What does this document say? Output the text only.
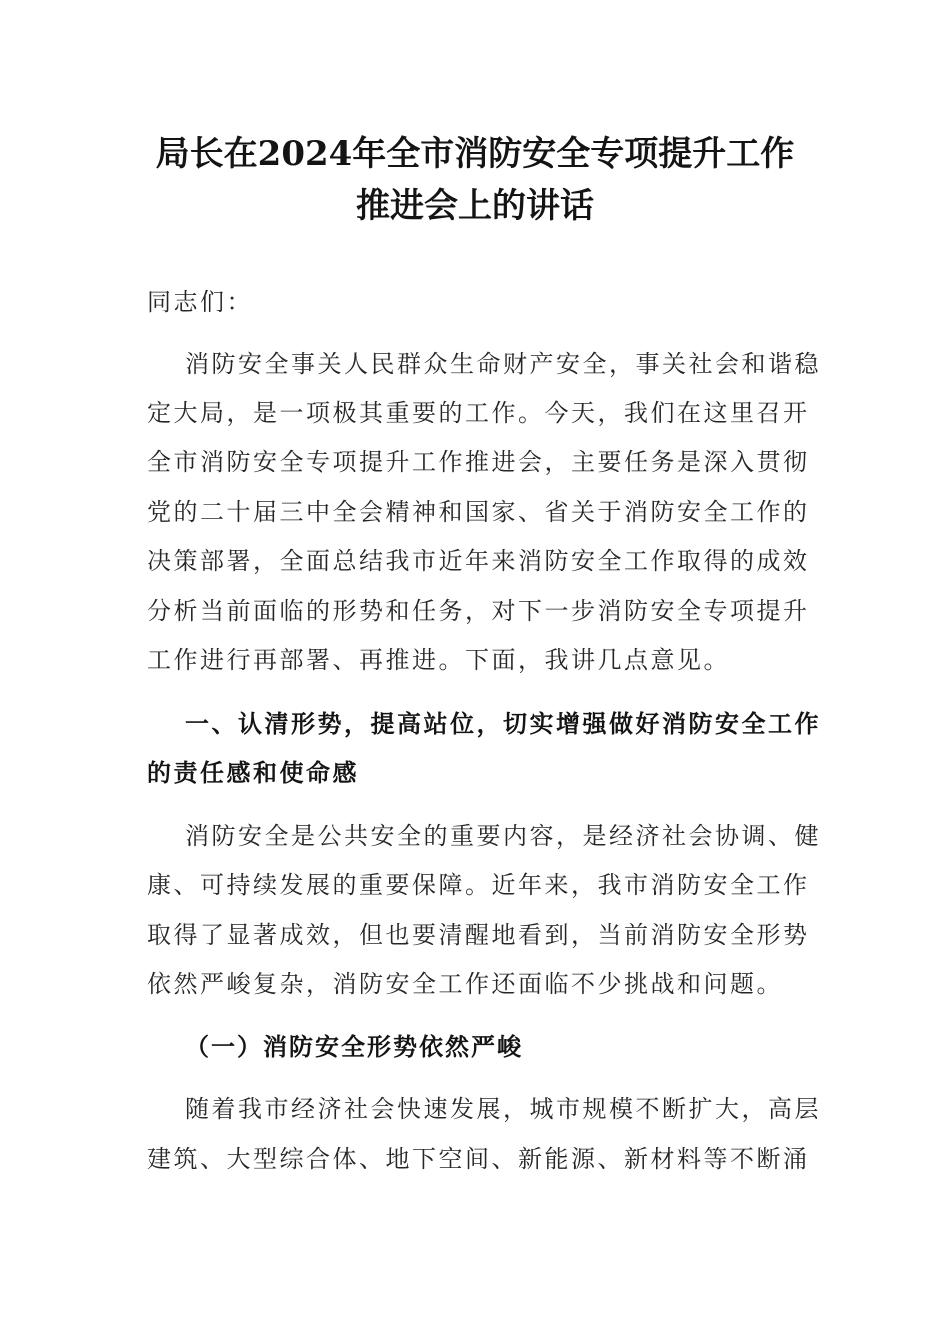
局长在2024年全市消防安全专项提升工作
推进会上的讲话

同志们：

消防安全事关人民群众生命财产安全，事关社会和谐稳

定大局，是一项极其重要的工作。今天，我们在这里召开

全市消防安全专项提升工作推进会，主要任务是深入贯彻

党的二十届三中全会精神和国家、省关于消防安全工作的

决策部署，全面总结我市近年来消防安全工作取得的成效

分析当前面临的形势和任务，对下一步消防安全专项提升

工作进行再部署、再推进。下面，我讲几点意见。

一、认清形势，提高站位，切实增强做好消防安全工作

的责任感和使命感

消防安全是公共安全的重要内容，是经济社会协调、健

康、可持续发展的重要保障。近年来，我市消防安全工作

取得了显著成效，但也要清醒地看到，当前消防安全形势

依然严峻复杂，消防安全工作还面临不少挑战和问题。

（一）消防安全形势依然严峻

随着我市经济社会快速发展，城市规模不断扩大，高层

建筑、大型综合体、地下空间、新能源、新材料等不断涌
